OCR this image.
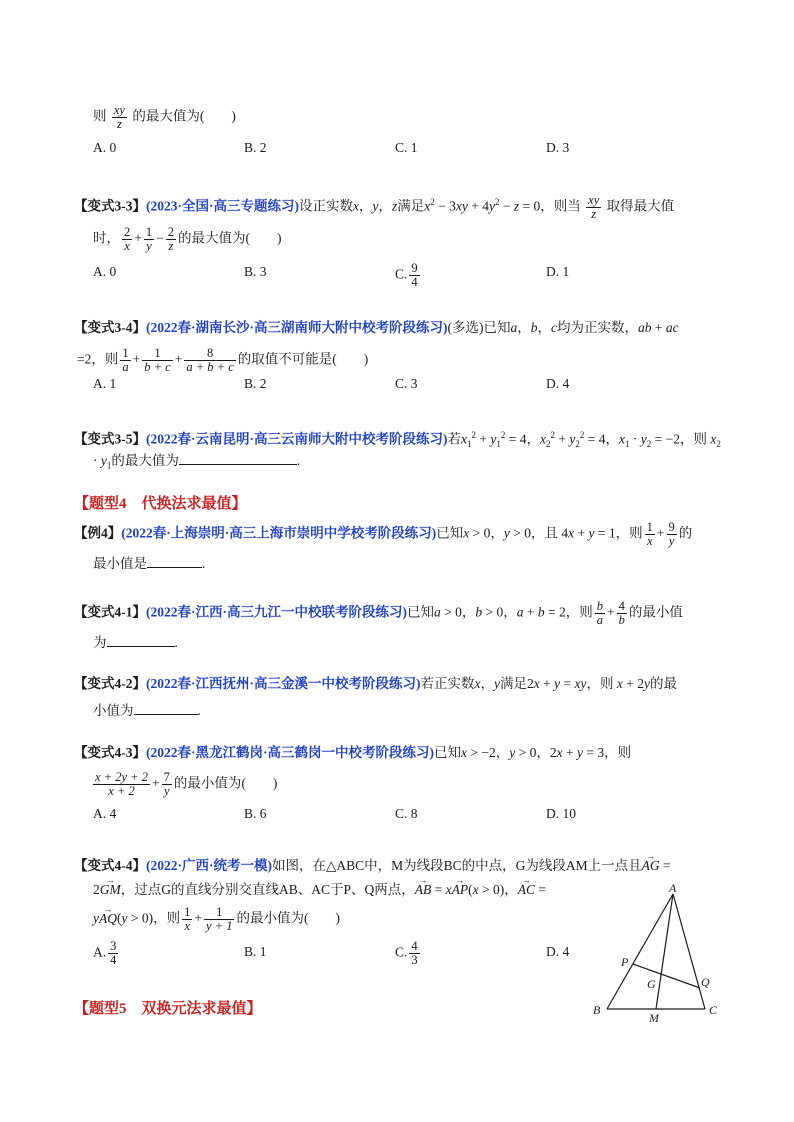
则 $\frac{xy}{z}$ 的最大值为(　　)
A. 0	B. 2	C. 1	D. 3
【变式3-3】(2023·全国·高三专题练习)设正实数x，y，z满足$x^2 - 3xy + 4y^2 - z = 0$，则当 $\frac{xy}{z}$ 取得最大值
时， $\frac{2}{x} + \frac{1}{y} - \frac{2}{z}$ 的最大值为(　　)
A. 0	B. 3	C. $\frac{9}{4}$	D. 1
【变式3-4】(2022春·湖南长沙·高三湖南师大附中校考阶段练习)(多选)已知a，b，c均为正实数，ab + ac
=2，则 $\frac{1}{a} + \frac{1}{b + c} + \frac{8}{a + b + c}$ 的取值不可能是(　　)
A. 1	B. 2	C. 3	D. 4
【变式3-5】(2022春·云南昆明·高三云南师大附中校考阶段练习)若$x_1^2 + y_1^2 = 4$，$x_2^2 + y_2^2 = 4$，$x_1 \cdot y_2 = -2$，则 $x_2$
· $y_1$的最大值为	.
【题型4　代换法求最值】
【例4】(2022春·上海崇明·高三上海市崇明中学校考阶段练习)已知x > 0，y > 0，且 4x + y = 1，则 $\frac{1}{x} + \frac{9}{y}$ 的
最小值是	.
【变式4-1】(2022春·江西·高三九江一中校联考阶段练习)已知a > 0，b > 0，a + b = 2，则 $\frac{b}{a} + \frac{4}{b}$ 的最小值
为	.
【变式4-2】(2022春·江西抚州·高三金溪一中校考阶段练习)若正实数x，y满足2x + y = xy，则 x + 2y的最
小值为	.
【变式4-3】(2022春·黑龙江鹤岗·高三鹤岗一中校考阶段练习)已知x > −2，y > 0，2x + y = 3，则
$\frac{x + 2y + 2}{x + 2} + \frac{7}{y}$ 的最小值为(　　)
A. 4	B. 6	C. 8	D. 10
【变式4-4】(2022·广西·统考一模)如图，在△ABC中，M为线段BC的中点，G为线段AM上一点且→ AG =
2→ GM，过点G的直线分别交直线AB、AC于P、Q两点，→ AB = x→ AP(x > 0)，→ AC =
y→ AQ(y > 0)，则 $\frac{1}{x} + \frac{1}{y + 1}$ 的最小值为(　　)
A. $\frac{3}{4}$	B. 1	C. $\frac{4}{3}$	D. 4
A
P
G	Q
B
M
C
【题型5　双换元法求最值】
